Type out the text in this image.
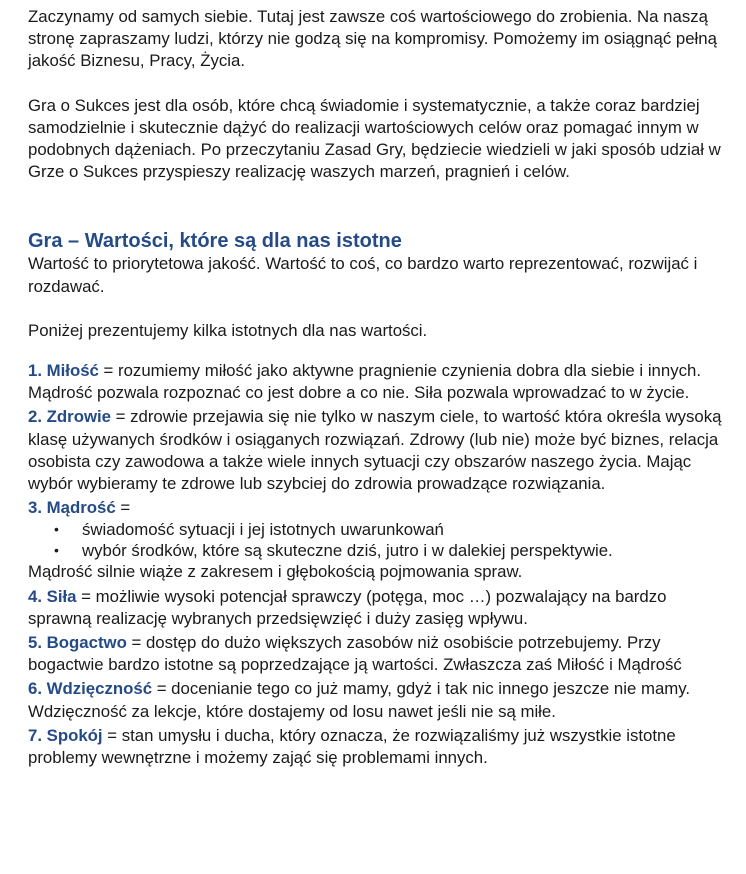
Zaczynamy od samych siebie. Tutaj jest zawsze coś wartościowego do zrobienia. Na naszą stronę zapraszamy ludzi, którzy nie godzą się na kompromisy. Pomożemy im osiągnąć pełną jakość Biznesu, Pracy, Życia.

Gra o Sukces jest dla osób, które chcą świadomie i systematycznie, a także coraz bardziej samodzielnie i skutecznie dążyć do realizacji wartościowych celów oraz pomagać innym w podobnych dążeniach. Po przeczytaniu Zasad Gry, będziecie wiedzieli w jaki sposób udział w Grze o Sukces przyspieszy realizację waszych marzeń, pragnień i celów.

Gra – Wartości, które są dla nas istotne

Wartość to priorytetowa jakość. Wartość to coś, co bardzo warto reprezentować, rozwijać i rozdawać.

Poniżej prezentujemy kilka istotnych dla nas wartości.

1. Miłość = rozumiemy miłość jako aktywne pragnienie czynienia dobra dla siebie i innych. Mądrość pozwala rozpoznać co jest dobre a co nie. Siła pozwala wprowadzać to w życie.

2. Zdrowie = zdrowie przejawia się nie tylko w naszym ciele, to wartość która określa wysoką klasę używanych środków i osiąganych rozwiązań. Zdrowy (lub nie) może być biznes, relacja osobista czy zawodowa a także wiele innych sytuacji czy obszarów naszego życia. Mając wybór wybieramy te zdrowe lub szybciej do zdrowia prowadzące rozwiązania.

3. Mądrość =

• świadomość sytuacji i jej istotnych uwarunkowań
• wybór środków, które są skuteczne dziś, jutro i w dalekiej perspektywie.

Mądrość silnie wiąże z zakresem i głębokością pojmowania spraw.

4. Siła = możliwie wysoki potencjał sprawczy (potęga, moc …) pozwalający na bardzo sprawną realizację wybranych przedsięwzięć i duży zasięg wpływu.

5. Bogactwo = dostęp do dużo większych zasobów niż osobiście potrzebujemy. Przy bogactwie bardzo istotne są poprzedzające ją wartości. Zwłaszcza zaś Miłość i Mądrość

6. Wdzięczność = docenianie tego co już mamy, gdyż i tak nic innego jeszcze nie mamy. Wdzięczność za lekcje, które dostajemy od losu nawet jeśli nie są miłe.

7. Spokój = stan umysłu i ducha, który oznacza, że rozwiązaliśmy już wszystkie istotne problemy wewnętrzne i możemy zająć się problemami innych.
